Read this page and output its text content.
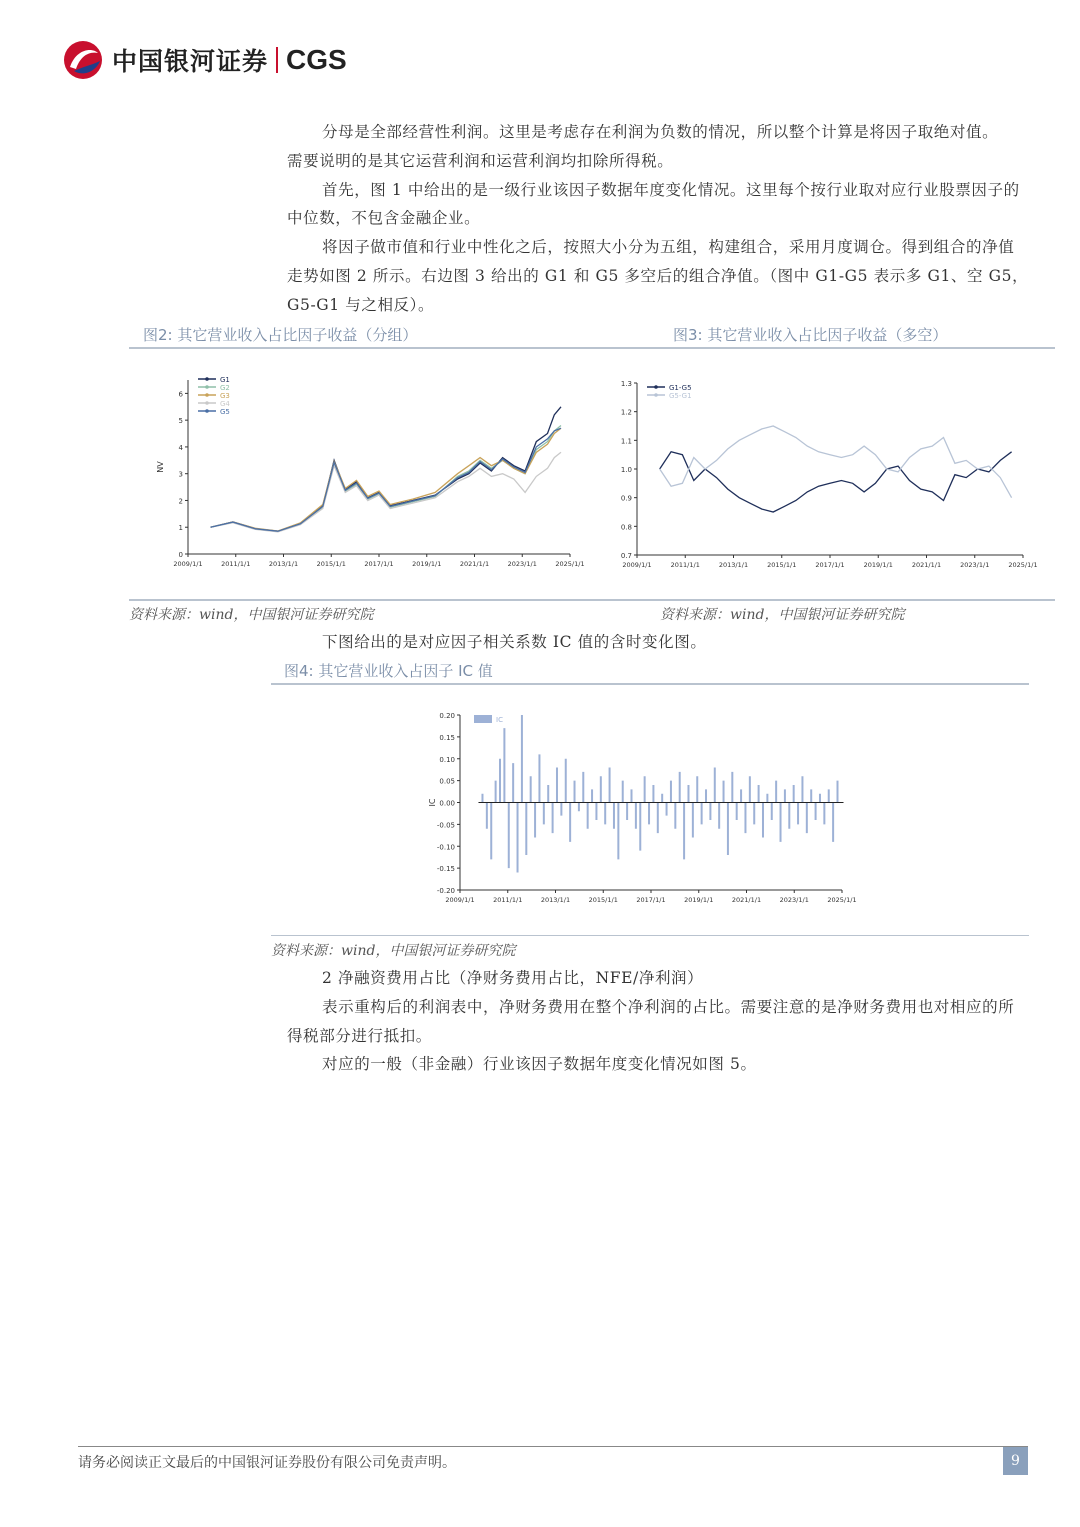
中国银河证券 CGS

分母是全部经营性利润。这里是考虑存在利润为负数的情况，所以整个计算是将因子取绝对值。

需要说明的是其它运营利润和运营利润均扣除所得税。

首先，图 1 中给出的是一级行业该因子数据年度变化情况。这里每个按行业取对应行业股票因子的中位数，不包含金融企业。

将因子做市值和行业中性化之后，按照大小分为五组，构建组合，采用月度调仓。得到组合的净值走势如图 2 所示。右边图 3 给出的 G1 和 G5 多空后的组合净值。（图中 G1-G5 表示多 G1、空 G5，G5-G1 与之相反）。

图2: 其它营业收入占比因子收益（分组）	图3: 其它营业收入占比因子收益（多空）
0
1
2
3
4
5
6
2009/1/1	2011/1/1	2013/1/1	2015/1/1	2017/1/1	2019/1/1	2021/1/1	2023/1/1	2025/1/1
NV
G1
G2
G3
G4
G5
0.7
0.8
0.9
1.0
1.1
1.2
1.3
2009/1/1	2011/1/1	2013/1/1	2015/1/1	2017/1/1	2019/1/1	2021/1/1	2023/1/1	2025/1/1
G1-G5
G5-G1
资料来源：wind，中国银河证券研究院	资料来源：wind，中国银河证券研究院

下图给出的是对应因子相关系数 IC 值的含时变化图。

图4: 其它营业收入占因子 IC 值
-0.20
-0.15
-0.10
-0.05
0.00
0.05
0.10
0.15
0.20
2009/1/1	2011/1/1	2013/1/1	2015/1/1	2017/1/1	2019/1/1	2021/1/1	2023/1/1	2025/1/1
IC
IC
资料来源：wind，中国银河证券研究院

2 净融资费用占比（净财务费用占比，NFE/净利润）

表示重构后的利润表中，净财务费用在整个净利润的占比。需要注意的是净财务费用也对相应的所得税部分进行抵扣。

对应的一般（非金融）行业该因子数据年度变化情况如图 5。

请务必阅读正文最后的中国银河证券股份有限公司免责声明。	9
